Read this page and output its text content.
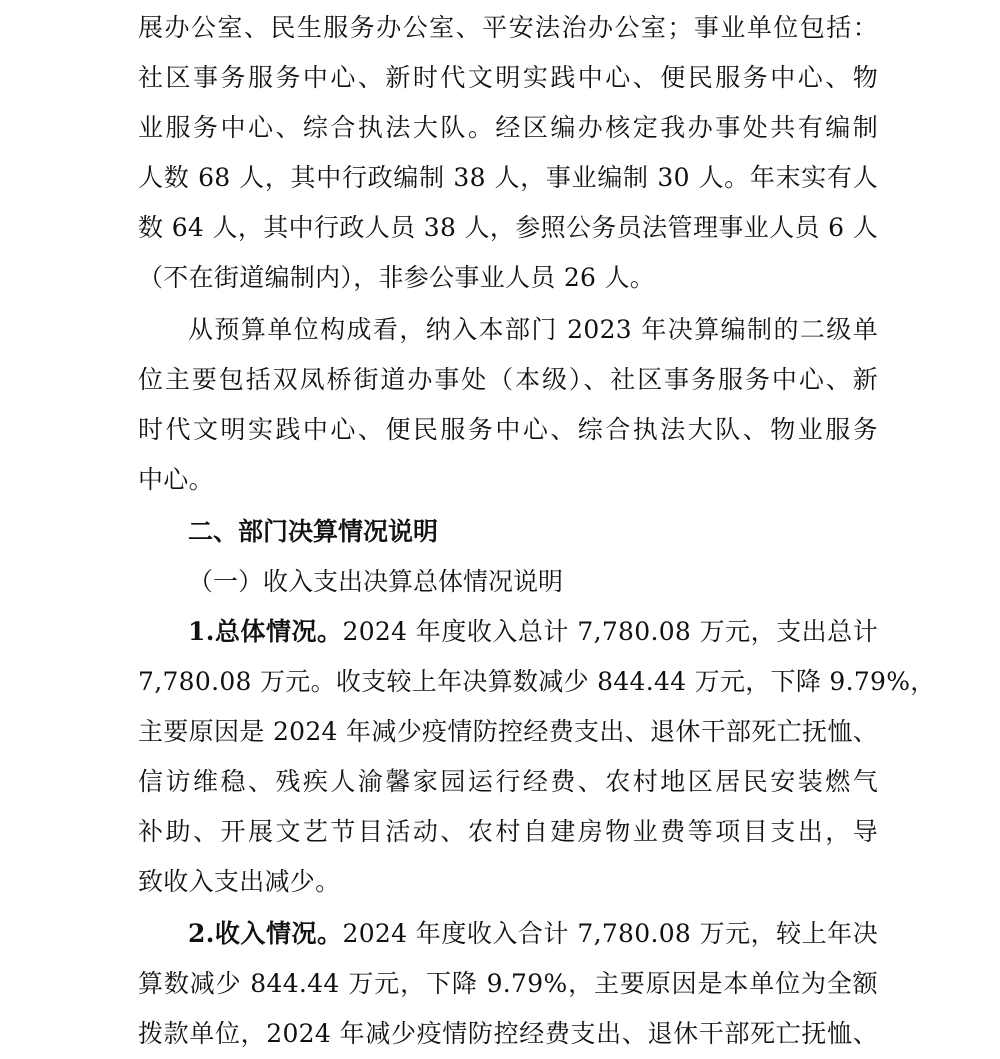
展办公室、民生服务办公室、平安法治办公室；事业单位包括：
社区事务服务中心、新时代文明实践中心、便民服务中心、物
业服务中心、综合执法大队。经区编办核定我办事处共有编制
人数 68 人，其中行政编制 38 人，事业编制 30 人。年末实有人
数 64 人，其中行政人员 38 人，参照公务员法管理事业人员 6 人
（不在街道编制内），非参公事业人员 26 人。
从预算单位构成看，纳入本部门 2023 年决算编制的二级单
位主要包括双凤桥街道办事处（本级）、社区事务服务中心、新
时代文明实践中心、便民服务中心、综合执法大队、物业服务
中心。
二、部门决算情况说明
（一）收入支出决算总体情况说明
1.总体情况。2024 年度收入总计 7,780.08 万元，支出总计
7,780.08 万元。收支较上年决算数减少 844.44 万元，下降 9.79%，
主要原因是 2024 年减少疫情防控经费支出、退休干部死亡抚恤、
信访维稳、残疾人渝馨家园运行经费、农村地区居民安装燃气
补助、开展文艺节目活动、农村自建房物业费等项目支出，导
致收入支出减少。
2.收入情况。2024 年度收入合计 7,780.08 万元，较上年决
算数减少 844.44 万元，下降 9.79%，主要原因是本单位为全额
拨款单位，2024 年减少疫情防控经费支出、退休干部死亡抚恤、
